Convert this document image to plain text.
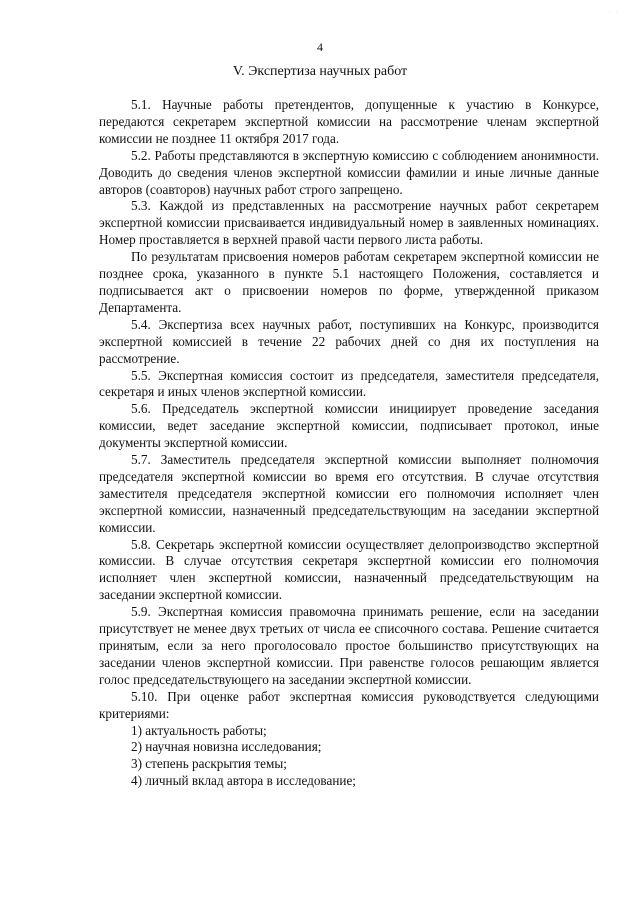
· ·
4
V. Экспертиза научных работ

5.1. Научные работы претендентов, допущенные к участию в Конкурсе, передаются секретарем экспертной комиссии на рассмотрение членам экспертной комиссии не позднее 11 октября 2017 года.

5.2. Работы представляются в экспертную комиссию с соблюдением анонимности. Доводить до сведения членов экспертной комиссии фамилии и иные личные данные авторов (соавторов) научных работ строго запрещено.

5.3. Каждой из представленных на рассмотрение научных работ секретарем экспертной комиссии присваивается индивидуальный номер в заявленных номинациях. Номер проставляется в верхней правой части первого листа работы.

По результатам присвоения номеров работам секретарем экспертной комиссии не позднее срока, указанного в пункте 5.1 настоящего Положения, составляется и подписывается акт о присвоении номеров по форме, утвержденной приказом Департамента.

5.4. Экспертиза всех научных работ, поступивших на Конкурс, производится экспертной комиссией в течение 22 рабочих дней со дня их поступления на рассмотрение.

5.5. Экспертная комиссия состоит из председателя, заместителя председателя, секретаря и иных членов экспертной комиссии.

5.6. Председатель экспертной комиссии инициирует проведение заседания комиссии, ведет заседание экспертной комиссии, подписывает протокол, иные документы экспертной комиссии.

5.7. Заместитель председателя экспертной комиссии выполняет полномочия председателя экспертной комиссии во время его отсутствия. В случае отсутствия заместителя председателя экспертной комиссии его полномочия исполняет член экспертной комиссии, назначенный председательствующим на заседании экспертной комиссии.

5.8. Секретарь экспертной комиссии осуществляет делопроизводство экспертной комиссии. В случае отсутствия секретаря экспертной комиссии его полномочия исполняет член экспертной комиссии, назначенный председательствующим на заседании экспертной комиссии.

5.9. Экспертная комиссия правомочна принимать решение, если на заседании присутствует не менее двух третьих от числа ее списочного состава. Решение считается принятым, если за него проголосовало простое большинство присутствующих на заседании членов экспертной комиссии. При равенстве голосов решающим является голос председательствующего на заседании экспертной комиссии.

5.10. При оценке работ экспертная комиссия руководствуется следующими критериями:

1) актуальность работы;
2) научная новизна исследования;
3) степень раскрытия темы;
4) личный вклад автора в исследование;
